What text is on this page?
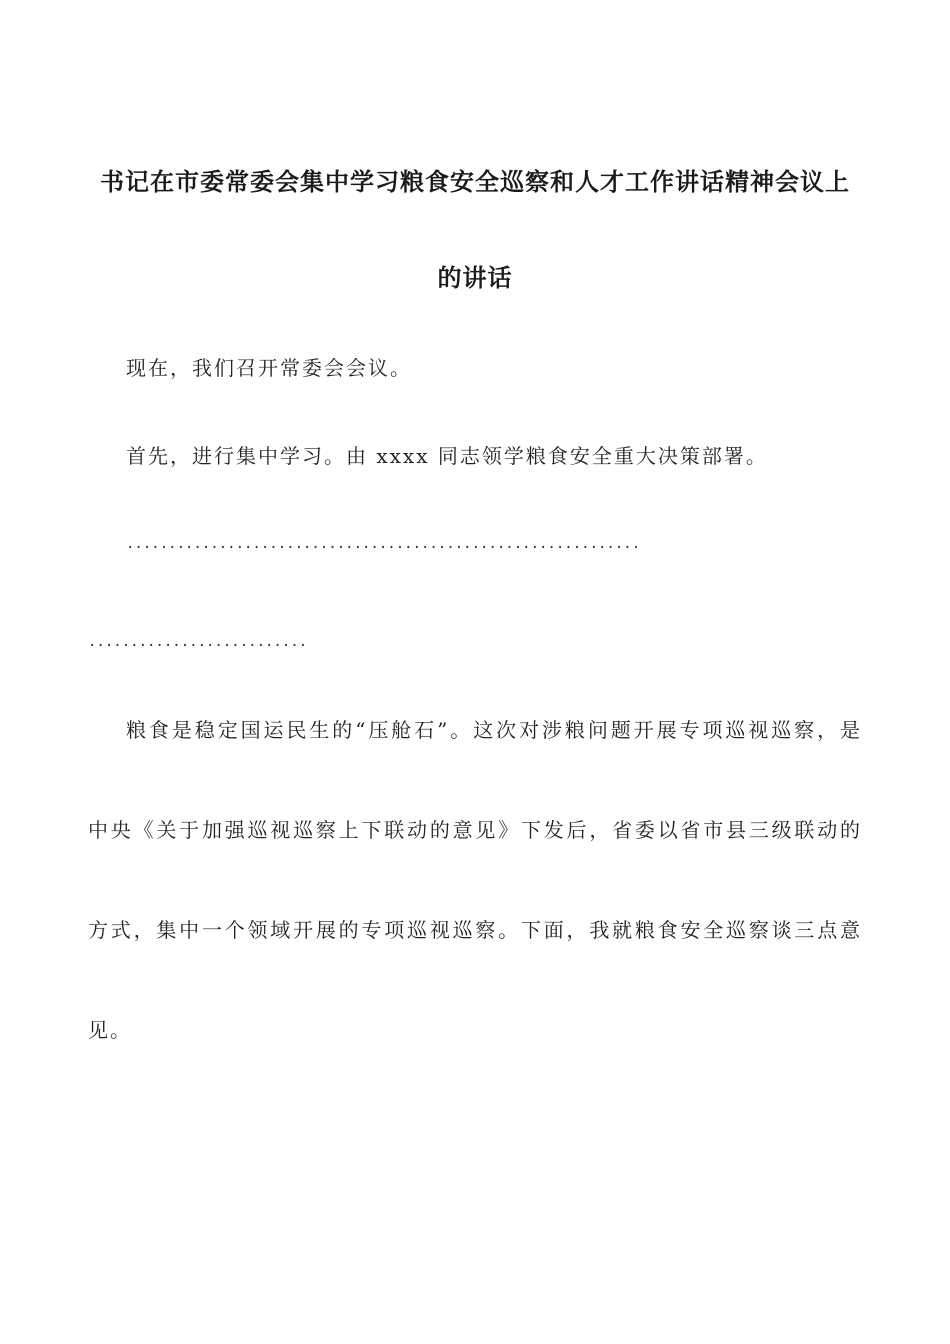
书记在市委常委会集中学习粮食安全巡察和人才工作讲话精神会议上
的讲话
现在，我们召开常委会会议。
首先，进行集中学习。由 xxxx 同志领学粮食安全重大决策部署。
.............................................................
..........................
粮食是稳定国运民生的“压舱石”。这次对涉粮问题开展专项巡视巡察，是
中央《关于加强巡视巡察上下联动的意见》下发后，省委以省市县三级联动的
方式，集中一个领域开展的专项巡视巡察。下面，我就粮食安全巡察谈三点意
见。
